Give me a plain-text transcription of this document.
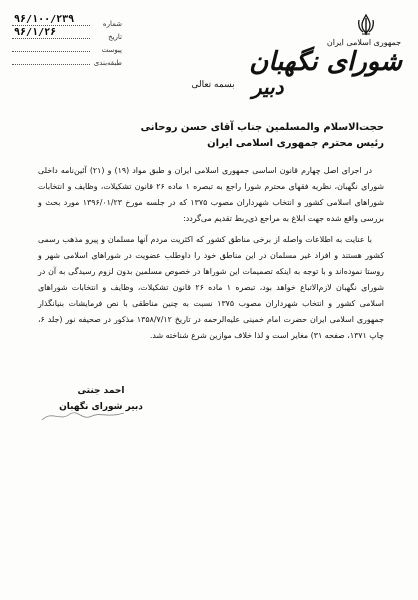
شماره
۹۶/۱۰۰/۲۳۹
تاریخ
۹۶/۱/۲۶
پیوست
طبقه‌بندی
جمهوری اسلامی ایران
شورای نگهبان
دبیر
بسمه تعالی
حجت‌الاسلام والمسلمین جناب آقای حسن روحانی
رئیس محترم جمهوری اسلامی ایران

در اجرای اصل چهارم قانون اساسی جمهوری اسلامی ایران و طبق مواد (۱۹) و (۲۱) آئین‌نامه داخلی شورای نگهبان، نظریه فقهای محترم شورا راجع به تبصره ۱ ماده ۲۶ قانون تشکیلات، وظایف و انتخابات شوراهای اسلامی کشور و انتخاب شهرداران مصوب ۱۳۷۵ که در جلسه مورخ ۱۳۹۶/۰۱/۲۳ مورد بحث و بررسی واقع شده جهت ابلاغ به مراجع ذی‌ربط تقدیم می‌گردد:

با عنایت به اطلاعات واصله از برخی مناطق کشور که اکثریت مردم آنها مسلمان و پیرو مذهب رسمی کشور هستند و افراد غیر مسلمان در این مناطق خود را داوطلب عضویت در شوراهای اسلامی شهر و روستا نموده‌اند و با توجه به اینکه تصمیمات این شوراها در خصوص مسلمین بدون لزوم رسیدگی به آن در شورای نگهبان لازم‌الاتباع خواهد بود، تبصره ۱ ماده ۲۶ قانون تشکیلات، وظایف و انتخابات شوراهای اسلامی کشور و انتخاب شهرداران مصوب ۱۳۷۵ نسبت به چنین مناطقی با نص فرمایشات بنیانگذار جمهوری اسلامی ایران حضرت امام خمینی علیه‌الرحمه در تاریخ ۱۳۵۸/۷/۱۲ مذکور در صحیفه نور (جلد ۶، چاپ ۱۳۷۱، صفحه ۳۱) مغایر است و لذا خلاف موازین شرع شناخته شد.

احمد جنتی
دبیر شورای نگهبان
